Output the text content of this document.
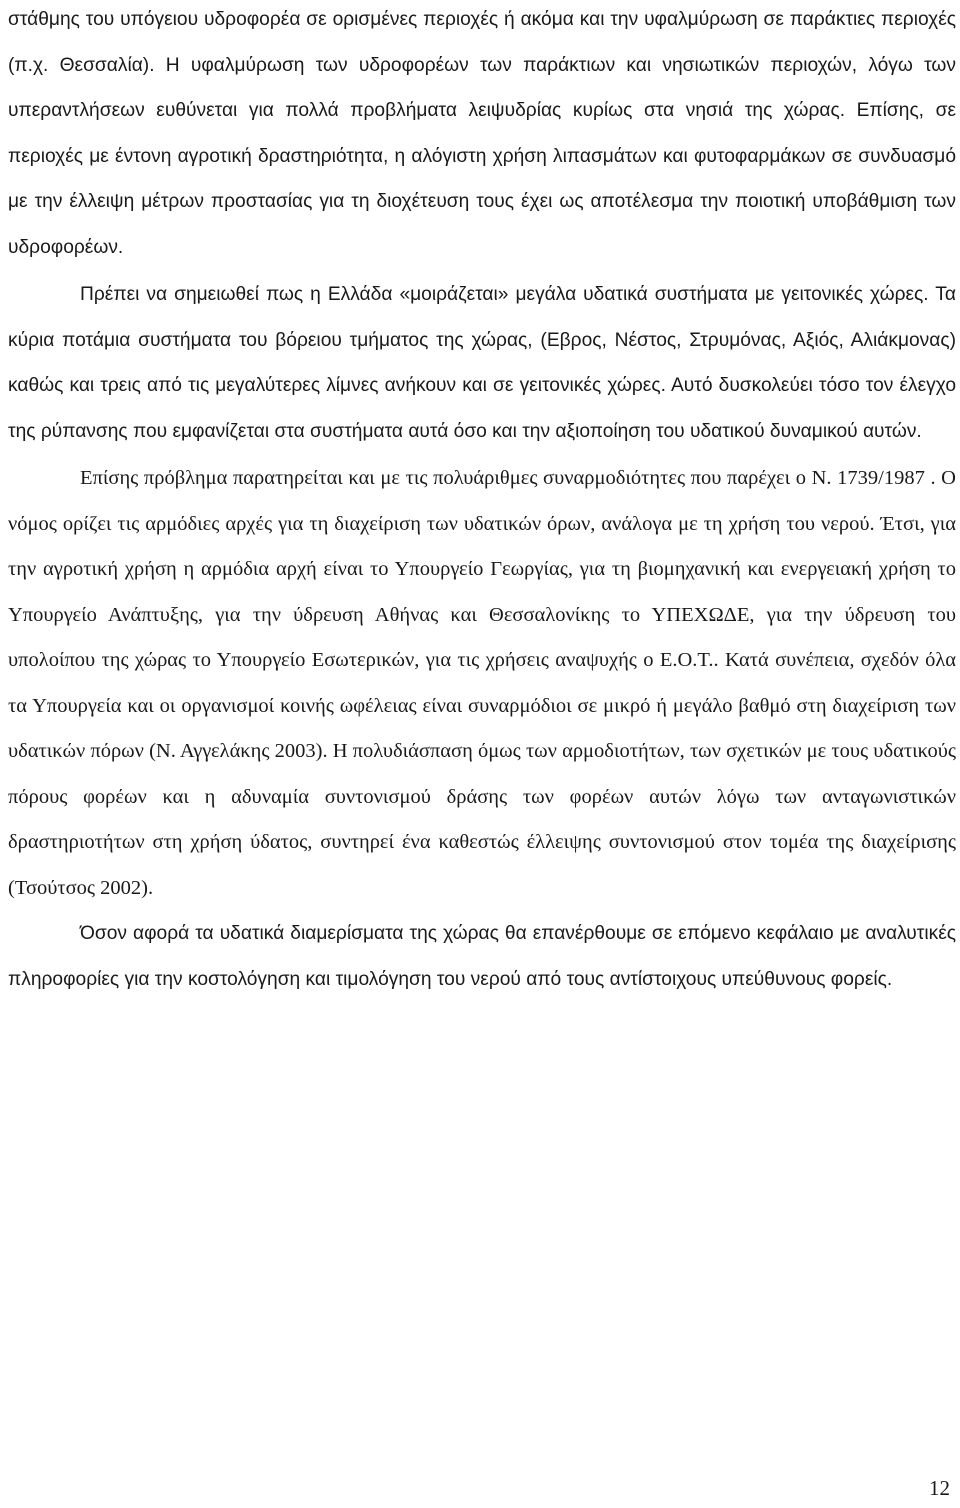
στάθμης του υπόγειου υδροφορέα σε ορισμένες περιοχές ή ακόμα και την υφαλμύρωση σε παράκτιες περιοχές (π.χ. Θεσσαλία). Η υφαλμύρωση των υδροφορέων των παράκτιων και νησιωτικών περιοχών, λόγω των υπεραντλήσεων ευθύνεται για πολλά προβλήματα λειψυδρίας κυρίως στα νησιά της χώρας. Επίσης, σε περιοχές με έντονη αγροτική δραστηριότητα, η αλόγιστη χρήση λιπασμάτων και φυτοφαρμάκων σε συνδυασμό με την έλλειψη μέτρων προστασίας για τη διοχέτευση τους έχει ως αποτέλεσμα την ποιοτική υποβάθμιση των υδροφορέων.

Πρέπει να σημειωθεί πως η Ελλάδα «μοιράζεται» μεγάλα υδατικά συστήματα με γειτονικές χώρες. Τα κύρια ποτάμια συστήματα του βόρειου τμήματος της χώρας, (Εβρος, Νέστος, Στρυμόνας, Αξιός, Αλιάκμονας) καθώς και τρεις από τις μεγαλύτερες λίμνες ανήκουν και σε γειτονικές χώρες. Αυτό δυσκολεύει τόσο τον έλεγχο της ρύπανσης που εμφανίζεται στα συστήματα αυτά όσο και την αξιοποίηση του υδατικού δυναμικού αυτών.

Επίσης πρόβλημα παρατηρείται και με τις πολυάριθμες συναρμοδιότητες που παρέχει ο Ν. 1739/1987 . Ο νόμος ορίζει τις αρμόδιες αρχές για τη διαχείριση των υδατικών όρων, ανάλογα με τη χρήση του νερού. Έτσι, για την αγροτική χρήση η αρμόδια αρχή είναι το Υπουργείο Γεωργίας, για τη βιομηχανική και ενεργειακή χρήση το Υπουργείο Ανάπτυξης, για την ύδρευση Αθήνας και Θεσσαλονίκης το ΥΠΕΧΩΔΕ, για την ύδρευση του υπολοίπου της χώρας το Υπουργείο Εσωτερικών, για τις χρήσεις αναψυχής ο Ε.Ο.Τ.. Κατά συνέπεια, σχεδόν όλα τα Υπουργεία και οι οργανισμοί κοινής ωφέλειας είναι συναρμόδιοι σε μικρό ή μεγάλο βαθμό στη διαχείριση των υδατικών πόρων (Ν. Αγγελάκης 2003). Η πολυδιάσπαση όμως των αρμοδιοτήτων, των σχετικών με τους υδατικούς πόρους φορέων και η αδυναμία συντονισμού δράσης των φορέων αυτών λόγω των ανταγωνιστικών δραστηριοτήτων στη χρήση ύδατος, συντηρεί ένα καθεστώς έλλειψης συντονισμού στον τομέα της διαχείρισης (Τσούτσος 2002).

Όσον αφορά τα υδατικά διαμερίσματα της χώρας θα επανέρθουμε σε επόμενο κεφάλαιο με αναλυτικές πληροφορίες για την κοστολόγηση και τιμολόγηση του νερού από τους αντίστοιχους υπεύθυνους φορείς.

12
